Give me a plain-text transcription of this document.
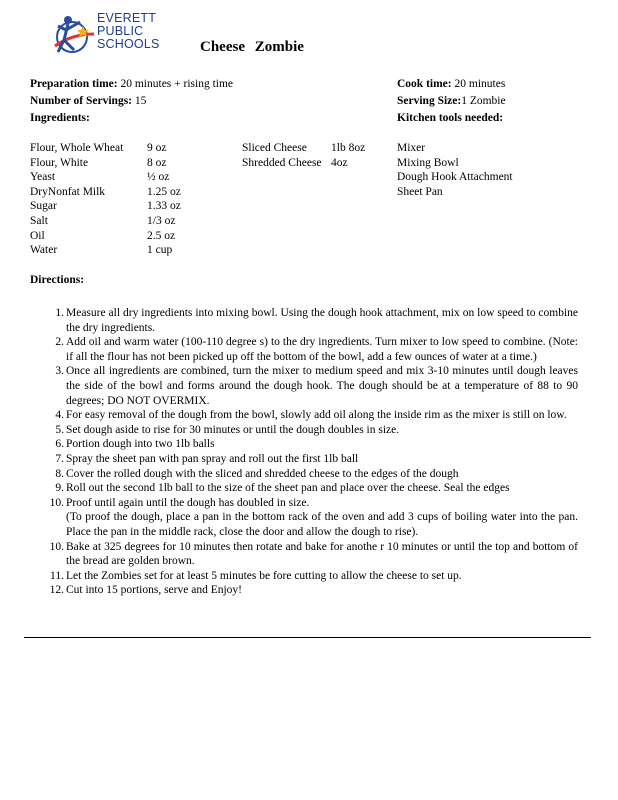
EVERETT
PUBLIC
SCHOOLS	Cheese Zombie
Preparation time: 20 minutes + rising time
Number of Servings: 15
Ingredients:
Cook time: 20 minutes
Serving Size:1 Zombie
Kitchen tools needed:
Flour, Whole Wheat
Flour, White
Yeast
DryNonfat Milk
Sugar
Salt
Oil
Water
9 oz
8 oz
½ oz
1.25 oz
1.33 oz
1/3 oz
2.5 oz
1 cup
Sliced Cheese
Shredded Cheese
1lb 8oz
4oz
Mixer
Mixing Bowl
Dough Hook Attachment
Sheet Pan
Directions:
1. Measure all dry ingredients into mixing bowl. Using the dough hook attachment, mix on low speed to combine the dry ingredients.
2. Add oil and warm water (100-110 degree s) to the dry ingredients. Turn mixer to low speed to combine. (Note: if all the flour has not been picked up off the bottom of the bowl, add a few ounces of water at a time.)
3. Once all ingredients are combined, turn the mixer to medium speed and mix 3-10 minutes until dough leaves the side of the bowl and forms around the dough hook. The dough should be at a temperature of 88 to 90 degrees; DO NOT OVERMIX.
4. For easy removal of the dough from the bowl, slowly add oil along the inside rim as the mixer is still on low.
5. Set dough aside to rise for 30 minutes or until the dough doubles in size.
6. Portion dough into two 1lb balls
7. Spray the sheet pan with pan spray and roll out the first 1lb ball
8. Cover the rolled dough with the sliced and shredded cheese to the edges of the dough
9. Roll out the second 1lb ball to the size of the sheet pan and place over the cheese. Seal the edges
10. Proof until again until the dough has doubled in size.
(To proof the dough, place a pan in the bottom rack of the oven and add 3 cups of boiling water into the pan. Place the pan in the middle rack, close the door and allow the dough to rise).
10. Bake at 325 degrees for 10 minutes then rotate and bake for anothe r 10 minutes or until the top and bottom of the bread are golden brown.
11. Let the Zombies set for at least 5 minutes be fore cutting to allow the cheese to set up.
12. Cut into 15 portions, serve and Enjoy!
